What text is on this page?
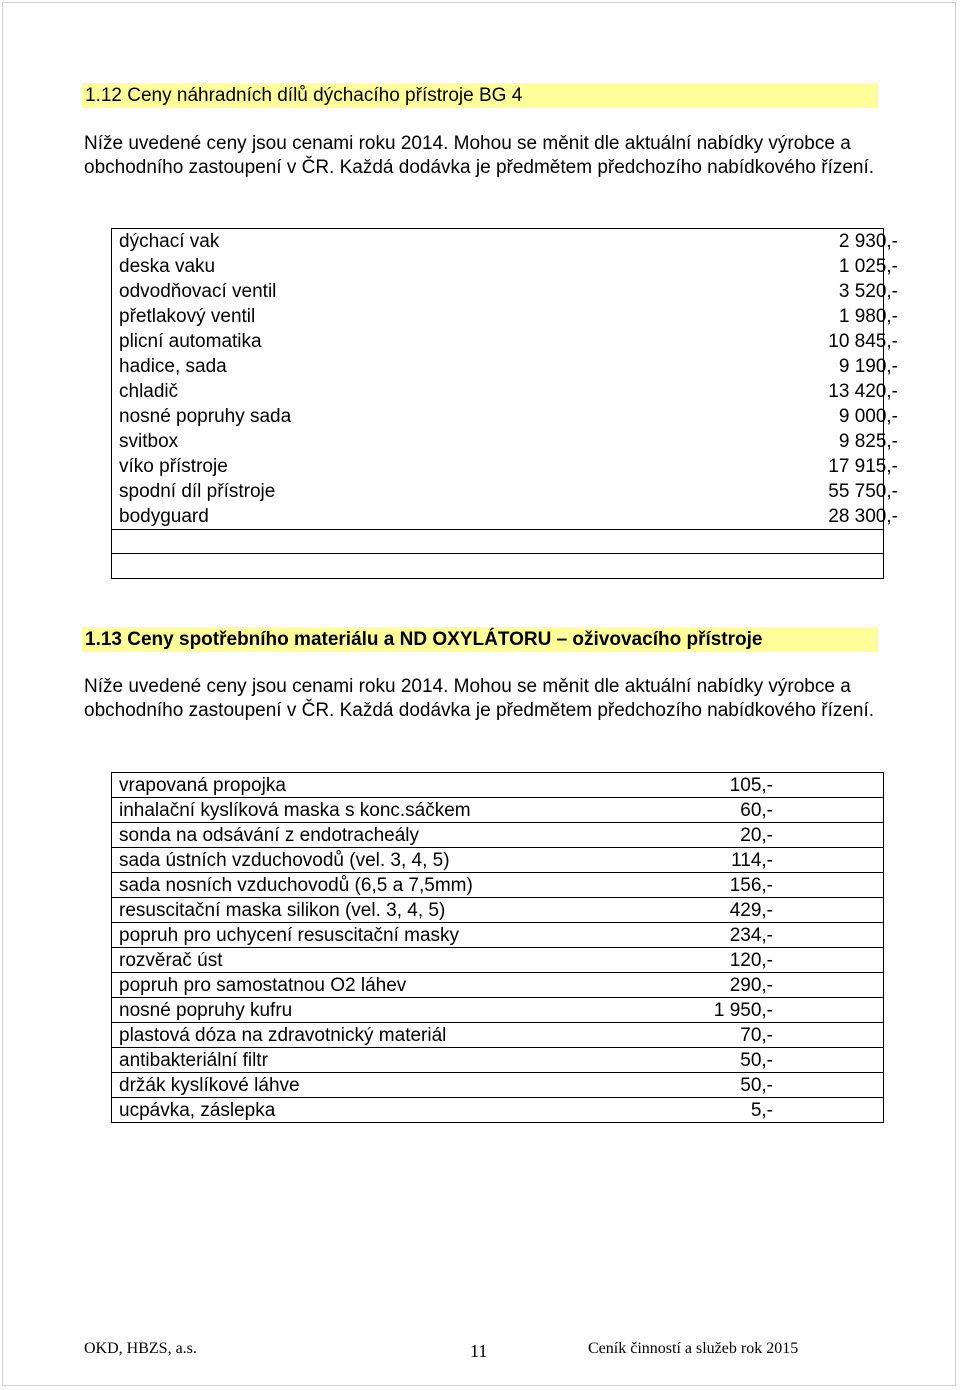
1.12 Ceny náhradních dílů dýchacího přístroje BG 4

Níže uvedené ceny jsou cenami roku 2014. Mohou se měnit dle aktuální nabídky výrobce a obchodního zastoupení v ČR. Každá dodávka je předmětem předchozího nabídkového řízení.

dýchací vak	2 930,-
deska vaku	1 025,-
odvodňovací ventil	3 520,-
přetlakový ventil	1 980,-
plicní automatika	10 845,-
hadice, sada	9 190,-
chladič	13 420,-
nosné popruhy sada	9 000,-
svitbox	9 825,-
víko přístroje	17 915,-
spodní díl přístroje	55 750,-
bodyguard	28 300,-
1.13 Ceny spotřebního materiálu a ND OXYLÁTORU – oživovacího přístroje

Níže uvedené ceny jsou cenami roku 2014. Mohou se měnit dle aktuální nabídky výrobce a obchodního zastoupení v ČR. Každá dodávka je předmětem předchozího nabídkového řízení.

vrapovaná propojka	105,-
inhalační kyslíková maska s konc.sáčkem	60,-
sonda na odsávání z endotracheály	20,-
sada ústních vzduchovodů (vel. 3, 4, 5)	114,-
sada nosních vzduchovodů (6,5 a 7,5mm)	156,-
resuscitační maska silikon (vel. 3, 4, 5)	429,-
popruh pro uchycení resuscitační masky	234,-
rozvěrač úst	120,-
popruh pro samostatnou O2 láhev	290,-
nosné popruhy kufru	1 950,-
plastová dóza na zdravotnický materiál	70,-
antibakteriální filtr	50,-
držák kyslíkové láhve	50,-
ucpávka, záslepka	5,-
OKD, HBZS, a.s.	11	Ceník činností a služeb rok 2015
